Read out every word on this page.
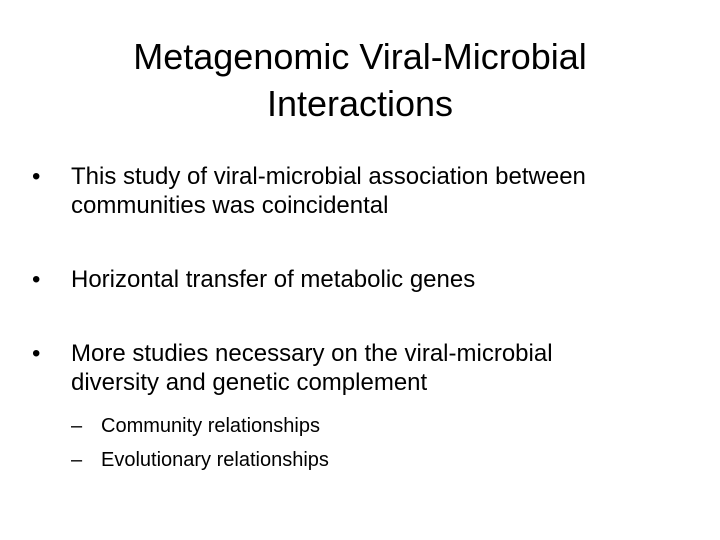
Metagenomic Viral-Microbial
Interactions
•	This study of viral-microbial association between
communities was coincidental
•	Horizontal transfer of metabolic genes
•	More studies necessary on the viral-microbial
diversity and genetic complement
– Community relationships
– Evolutionary relationships
